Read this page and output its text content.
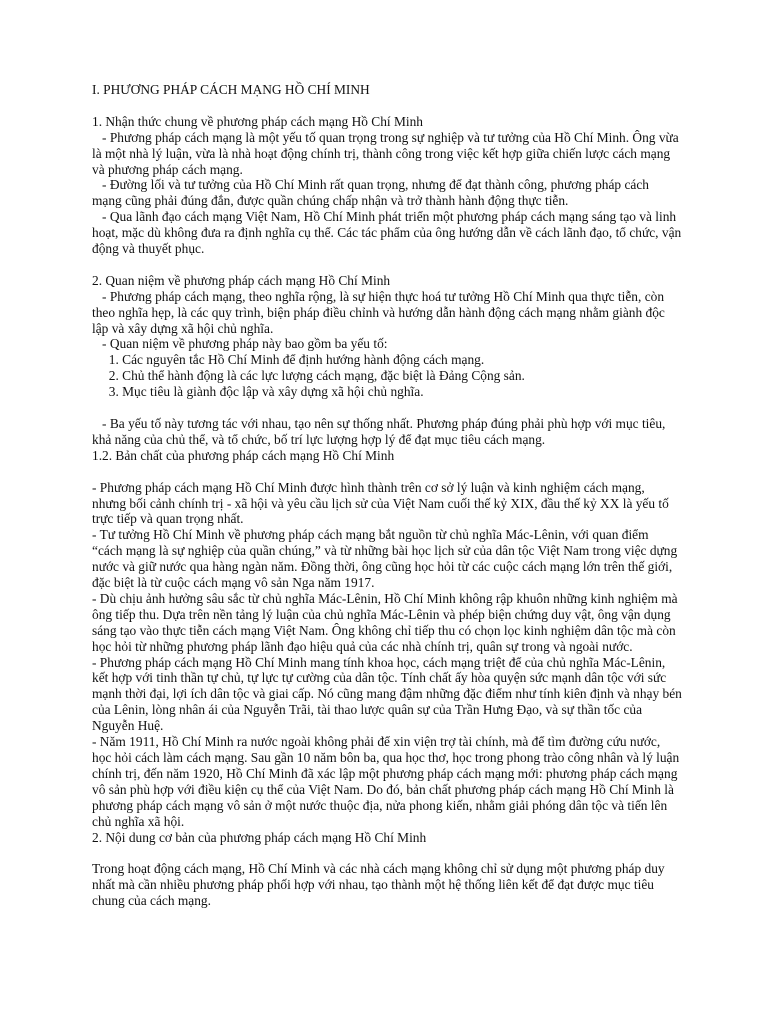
I. PHƯƠNG PHÁP CÁCH MẠNG HỒ CHÍ MINH

1. Nhận thức chung về phương pháp cách mạng Hồ Chí Minh

- Phương pháp cách mạng là một yếu tố quan trọng trong sự nghiệp và tư tưởng của Hồ Chí Minh. Ông vừa là một nhà lý luận, vừa là nhà hoạt động chính trị, thành công trong việc kết hợp giữa chiến lược cách mạng và phương pháp cách mạng.

- Đường lối và tư tưởng của Hồ Chí Minh rất quan trọng, nhưng để đạt thành công, phương pháp cách mạng cũng phải đúng đắn, được quần chúng chấp nhận và trở thành hành động thực tiễn.

- Qua lãnh đạo cách mạng Việt Nam, Hồ Chí Minh phát triển một phương pháp cách mạng sáng tạo và linh hoạt, mặc dù không đưa ra định nghĩa cụ thể. Các tác phẩm của ông hướng dẫn về cách lãnh đạo, tổ chức, vận động và thuyết phục.

2. Quan niệm về phương pháp cách mạng Hồ Chí Minh

- Phương pháp cách mạng, theo nghĩa rộng, là sự hiện thực hoá tư tưởng Hồ Chí Minh qua thực tiễn, còn theo nghĩa hẹp, là các quy trình, biện pháp điều chỉnh và hướng dẫn hành động cách mạng nhằm giành độc lập và xây dựng xã hội chủ nghĩa.

- Quan niệm về phương pháp này bao gồm ba yếu tố:

1. Các nguyên tắc Hồ Chí Minh để định hướng hành động cách mạng.

2. Chủ thể hành động là các lực lượng cách mạng, đặc biệt là Đảng Cộng sản.

3. Mục tiêu là giành độc lập và xây dựng xã hội chủ nghĩa.

- Ba yếu tố này tương tác với nhau, tạo nên sự thống nhất. Phương pháp đúng phải phù hợp với mục tiêu, khả năng của chủ thể, và tổ chức, bố trí lực lượng hợp lý để đạt mục tiêu cách mạng.

1.2. Bản chất của phương pháp cách mạng Hồ Chí Minh

- Phương pháp cách mạng Hồ Chí Minh được hình thành trên cơ sở lý luận và kinh nghiệm cách mạng, nhưng bối cảnh chính trị - xã hội và yêu cầu lịch sử của Việt Nam cuối thế kỷ XIX, đầu thế kỷ XX là yếu tố trực tiếp và quan trọng nhất.

- Tư tưởng Hồ Chí Minh về phương pháp cách mạng bắt nguồn từ chủ nghĩa Mác-Lênin, với quan điểm “cách mạng là sự nghiệp của quần chúng,” và từ những bài học lịch sử của dân tộc Việt Nam trong việc dựng nước và giữ nước qua hàng ngàn năm. Đồng thời, ông cũng học hỏi từ các cuộc cách mạng lớn trên thế giới, đặc biệt là từ cuộc cách mạng vô sản Nga năm 1917.

- Dù chịu ảnh hưởng sâu sắc từ chủ nghĩa Mác-Lênin, Hồ Chí Minh không rập khuôn những kinh nghiệm mà ông tiếp thu. Dựa trên nền tảng lý luận của chủ nghĩa Mác-Lênin và phép biện chứng duy vật, ông vận dụng sáng tạo vào thực tiễn cách mạng Việt Nam. Ông không chỉ tiếp thu có chọn lọc kinh nghiệm dân tộc mà còn học hỏi từ những phương pháp lãnh đạo hiệu quả của các nhà chính trị, quân sự trong và ngoài nước.

- Phương pháp cách mạng Hồ Chí Minh mang tính khoa học, cách mạng triệt để của chủ nghĩa Mác-Lênin, kết hợp với tinh thần tự chủ, tự lực tự cường của dân tộc. Tính chất ấy hòa quyện sức mạnh dân tộc với sức mạnh thời đại, lợi ích dân tộc và giai cấp. Nó cũng mang đậm những đặc điểm như tính kiên định và nhạy bén của Lênin, lòng nhân ái của Nguyễn Trãi, tài thao lược quân sự của Trần Hưng Đạo, và sự thần tốc của Nguyễn Huệ.

- Năm 1911, Hồ Chí Minh ra nước ngoài không phải để xin viện trợ tài chính, mà để tìm đường cứu nước, học hỏi cách làm cách mạng. Sau gần 10 năm bôn ba, qua học thơ, học trong phong trào công nhân và lý luận chính trị, đến năm 1920, Hồ Chí Minh đã xác lập một phương pháp cách mạng mới: phương pháp cách mạng vô sản phù hợp với điều kiện cụ thể của Việt Nam. Do đó, bản chất phương pháp cách mạng Hồ Chí Minh là phương pháp cách mạng vô sản ở một nước thuộc địa, nửa phong kiến, nhằm giải phóng dân tộc và tiến lên chủ nghĩa xã hội.

2. Nội dung cơ bản của phương pháp cách mạng Hồ Chí Minh

Trong hoạt động cách mạng, Hồ Chí Minh và các nhà cách mạng không chỉ sử dụng một phương pháp duy nhất mà cần nhiều phương pháp phối hợp với nhau, tạo thành một hệ thống liên kết để đạt được mục tiêu chung của cách mạng.
